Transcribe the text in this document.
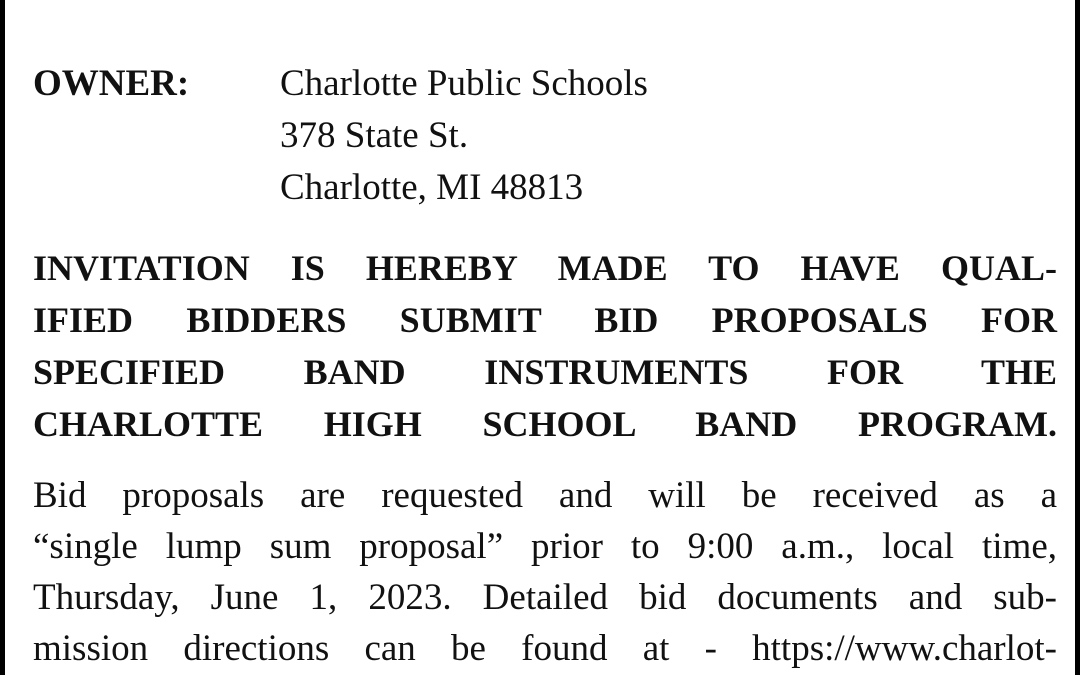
OWNER: Charlotte Public Schools
378 State St.
Charlotte, MI 48813
INVITATION IS HEREBY MADE TO HAVE QUAL-
IFIED BIDDERS SUBMIT BID PROPOSALS FOR
SPECIFIED BAND INSTRUMENTS FOR THE
CHARLOTTE HIGH SCHOOL BAND PROGRAM.
Bid proposals are requested and will be received as a
“single lump sum proposal” prior to 9:00 a.m., local time,
Thursday, June 1, 2023. Detailed bid documents and sub-
mission directions can be found at - https://www.charlot-
